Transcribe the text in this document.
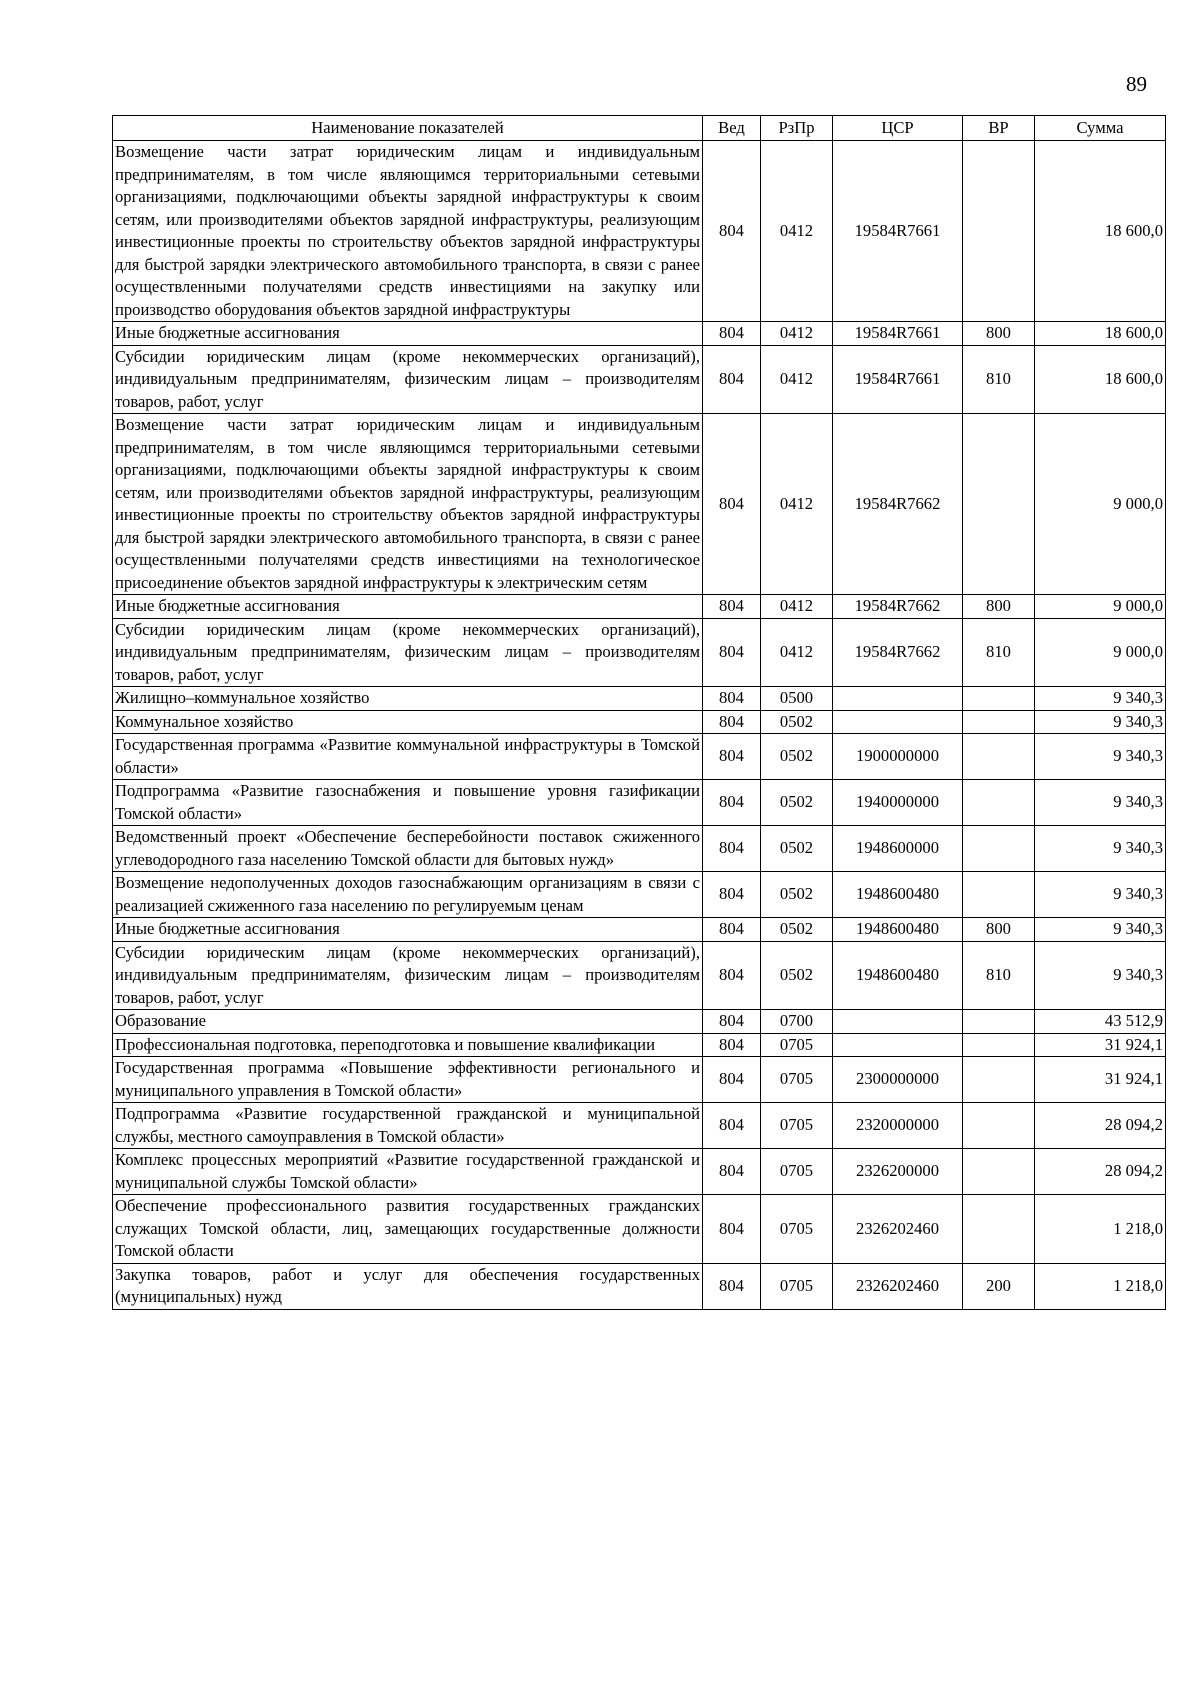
89
Наименование показателей	Вед	РзПр	ЦСР	ВР	Сумма
Возмещение части затрат юридическим лицам и индивидуальным предпринимателям, в том числе являющимся территориальными сетевыми организациями, подключающими объекты зарядной инфраструктуры к своим сетям, или производителями объектов зарядной инфраструктуры, реализующим инвестиционные проекты по строительству объектов зарядной инфраструктуры для быстрой зарядки электрического автомобильного транспорта, в связи с ранее осуществленными получателями средств инвестициями на закупку или производство оборудования объектов зарядной инфраструктуры	804	0412	19584R7661		18 600,0
Иные бюджетные ассигнования	804	0412	19584R7661	800	18 600,0
Субсидии юридическим лицам (кроме некоммерческих организаций), индивидуальным предпринимателям, физическим лицам – производителям товаров, работ, услуг	804	0412	19584R7661	810	18 600,0
Возмещение части затрат юридическим лицам и индивидуальным предпринимателям, в том числе являющимся территориальными сетевыми организациями, подключающими объекты зарядной инфраструктуры к своим сетям, или производителями объектов зарядной инфраструктуры, реализующим инвестиционные проекты по строительству объектов зарядной инфраструктуры для быстрой зарядки электрического автомобильного транспорта, в связи с ранее осуществленными получателями средств инвестициями на технологическое присоединение объектов зарядной инфраструктуры к электрическим сетям	804	0412	19584R7662		9 000,0
Иные бюджетные ассигнования	804	0412	19584R7662	800	9 000,0
Субсидии юридическим лицам (кроме некоммерческих организаций), индивидуальным предпринимателям, физическим лицам – производителям товаров, работ, услуг	804	0412	19584R7662	810	9 000,0
Жилищно–коммунальное хозяйство	804	0500			9 340,3
Коммунальное хозяйство	804	0502			9 340,3
Государственная программа «Развитие коммунальной инфраструктуры в Томской области»	804	0502	1900000000		9 340,3
Подпрограмма «Развитие газоснабжения и повышение уровня газификации Томской области»	804	0502	1940000000		9 340,3
Ведомственный проект «Обеспечение бесперебойности поставок сжиженного углеводородного газа населению Томской области для бытовых нужд»	804	0502	1948600000		9 340,3
Возмещение недополученных доходов газоснабжающим организациям в связи с реализацией сжиженного газа населению по регулируемым ценам	804	0502	1948600480		9 340,3
Иные бюджетные ассигнования	804	0502	1948600480	800	9 340,3
Субсидии юридическим лицам (кроме некоммерческих организаций), индивидуальным предпринимателям, физическим лицам – производителям товаров, работ, услуг	804	0502	1948600480	810	9 340,3
Образование	804	0700			43 512,9
Профессиональная подготовка, переподготовка и повышение квалификации	804	0705			31 924,1
Государственная программа «Повышение эффективности регионального и муниципального управления в Томской области»	804	0705	2300000000		31 924,1
Подпрограмма «Развитие государственной гражданской и муниципальной службы, местного самоуправления в Томской области»	804	0705	2320000000		28 094,2
Комплекс процессных мероприятий «Развитие государственной гражданской и муниципальной службы Томской области»	804	0705	2326200000		28 094,2
Обеспечение профессионального развития государственных гражданских служащих Томской области, лиц, замещающих государственные должности Томской области	804	0705	2326202460		1 218,0
Закупка товаров, работ и услуг для обеспечения государственных (муниципальных) нужд	804	0705	2326202460	200	1 218,0
